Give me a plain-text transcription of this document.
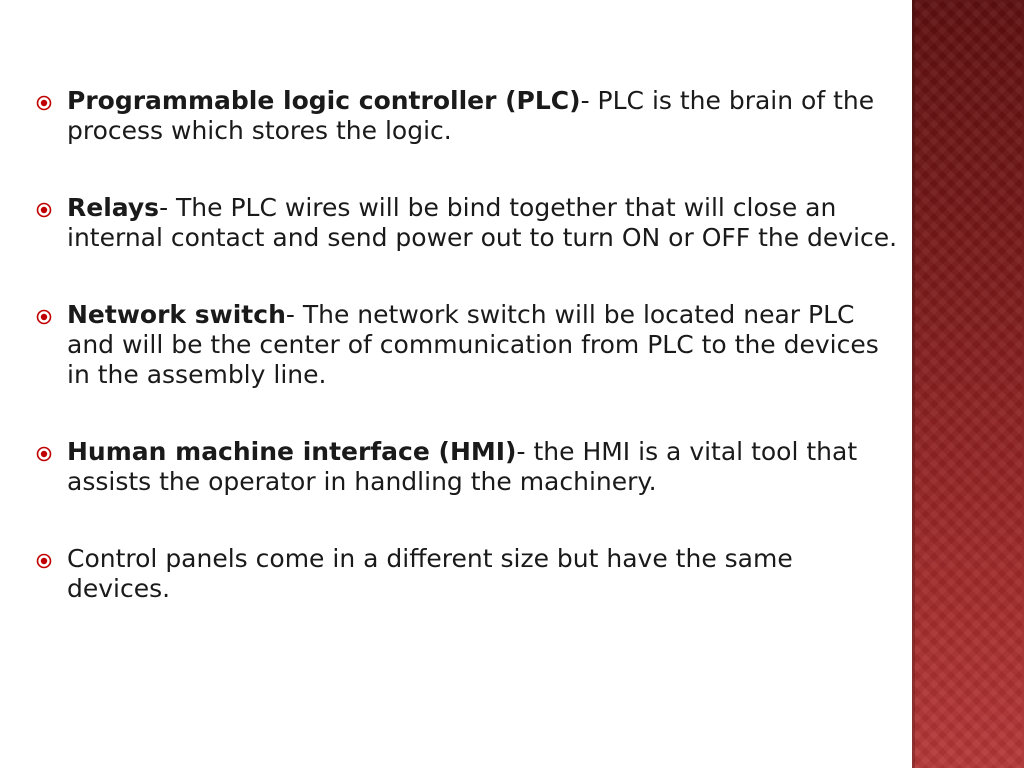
Programmable logic controller (PLC)- PLC is the brain of the process which stores the logic.
Relays- The PLC wires will be bind together that will close an internal contact and send power out to turn ON or OFF the device.
Network switch- The network switch will be located near PLC and will be the center of communication from PLC to the devices in the assembly line.
Human machine interface (HMI)- the HMI is a vital tool that assists the operator in handling the machinery.
Control panels come in a different size but have the same devices.
